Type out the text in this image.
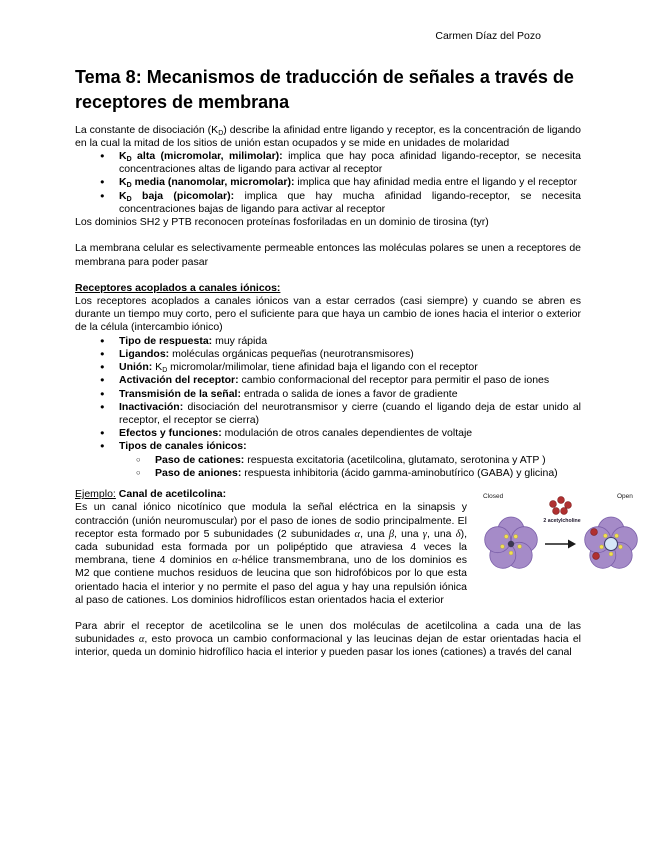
Carmen Díaz del Pozo
Tema 8: Mecanismos de traducción de señales a través de receptores de membrana

La constante de disociación $(K_D)$ describe la afinidad entre ligando y receptor, es la concentración de ligando en la cual la mitad de los sitios de unión estan ocupados y se mide en unidades de molaridad

● $K_D$ alta (micromolar, milimolar): implica que hay poca afinidad ligando-receptor, se necesita concentraciones altas de ligando para activar al receptor
● $K_D$ media (nanomolar, micromolar): implica que hay afinidad media entre el ligando y el receptor
● $K_D$ baja (picomolar): implica que hay mucha afinidad ligando-receptor, se necesita concentraciones bajas de ligando para activar al receptor

Los dominios SH2 y PTB reconocen proteínas fosforiladas en un dominio de tirosina (tyr)

La membrana celular es selectivamente permeable entonces las moléculas polares se unen a receptores de membrana para poder pasar

Receptores acoplados a canales iónicos:

Los receptores acoplados a canales iónicos van a estar cerrados (casi siempre) y cuando se abren es durante un tiempo muy corto, pero el suficiente para que haya un cambio de iones hacia el interior o exterior de la célula (intercambio iónico)

● Tipo de respuesta: muy rápida
● Ligandos: moléculas orgánicas pequeñas (neurotransmisores)
● Unión: $K_D$ micromolar/milimolar, tiene afinidad baja el ligando con el receptor
● Activación del receptor: cambio conformacional del receptor para permitir el paso de iones
● Transmisión de la señal: entrada o salida de iones a favor de gradiente
● Inactivación: disociación del neurotransmisor y cierre (cuando el ligando deja de estar unido al receptor, el receptor se cierra)
● Efectos y funciones: modulación de otros canales dependientes de voltaje
● Tipos de canales iónicos:
○ Paso de cationes: respuesta excitatoria (acetilcolina, glutamato, serotonina y ATP )
○ Paso de aniones: respuesta inhibitoria (ácido gamma-aminobutírico (GABA) y glicina)
Closed	Open
2 acetylcholine

Ejemplo: Canal de acetilcolina:

Es un canal iónico nicotínico que modula la señal eléctrica en la sinapsis y contracción (unión neuromuscular) por el paso de iones de sodio principalmente. El receptor esta formado por 5 subunidades (2 subunidades α, una β, una γ, una δ), cada subunidad esta formada por un polipéptido que atraviesa 4 veces la membrana, tiene 4 dominios en α-hélice transmembrana, uno de los dominios es M2 que contiene muchos residuos de leucina que son hidrofóbicos por lo que esta orientado hacia el interior y no permite el paso del agua y hay una repulsión iónica al paso de cationes. Los dominios hidrofílicos estan orientados hacia el exterior

Para abrir el receptor de acetilcolina se le unen dos moléculas de acetilcolina a cada una de las subunidades α, esto provoca un cambio conformacional y las leucinas dejan de estar orientadas hacia el interior, queda un dominio hidrofílico hacia el interior y pueden pasar los iones (cationes) a través del canal
